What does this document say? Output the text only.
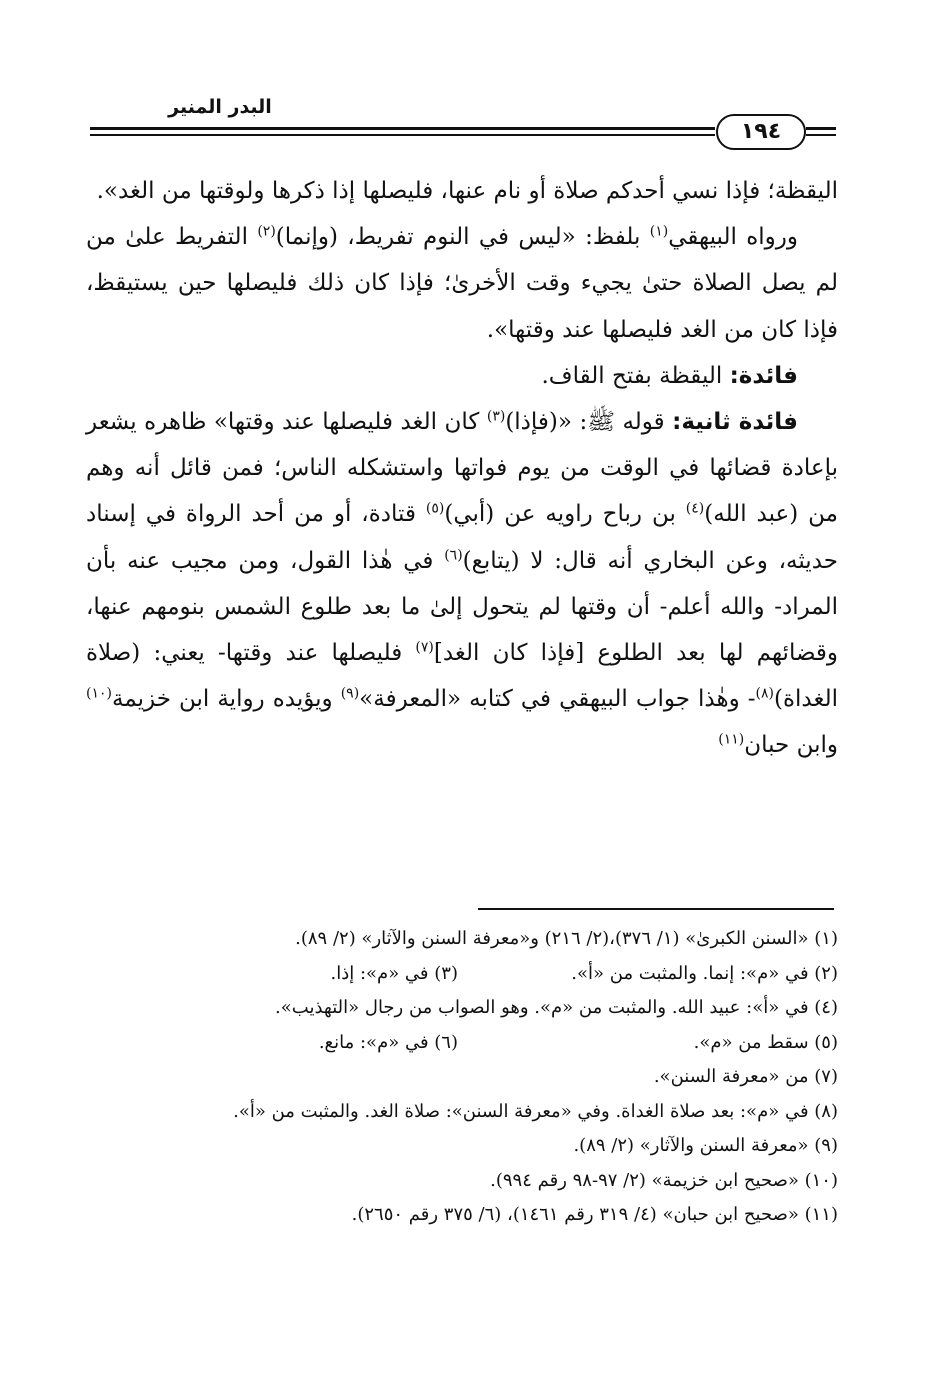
البدر المنير
١٩٤

اليقظة؛ فإذا نسي أحدكم صلاة أو نام عنها، فليصلها إذا ذكرها ولوقتها من الغد».

ورواه البيهقي$^{(١)}$ بلفظ: «ليس في النوم تفريط، (وإنما)$^{(٢)}$ التفريط علىٰ من لم يصل الصلاة حتىٰ يجيء وقت الأخرىٰ؛ فإذا كان ذلك فليصلها حين يستيقظ، فإذا كان من الغد فليصلها عند وقتها».

فائدة: اليقظة بفتح القاف.

فائدة ثانية: قوله ﷺ: «(فإذا)$^{(٣)}$ كان الغد فليصلها عند وقتها» ظاهره يشعر بإعادة قضائها في الوقت من يوم فواتها واستشكله الناس؛ فمن قائل أنه وهم من (عبد الله)$^{(٤)}$ بن رباح راويه عن (أبي)$^{(٥)}$ قتادة، أو من أحد الرواة في إسناد حديثه، وعن البخاري أنه قال: لا (يتابع)$^{(٦)}$ في هٰذا القول، ومن مجيب عنه بأن المراد- والله أعلم- أن وقتها لم يتحول إلىٰ ما بعد طلوع الشمس بنومهم عنها، وقضائهم لها بعد الطلوع [فإذا كان الغد]$^{(٧)}$ فليصلها عند وقتها- يعني: (صلاة الغداة)$^{(٨)}$- وهٰذا جواب البيهقي في كتابه «المعرفة»$^{(٩)}$ ويؤيده رواية ابن خزيمة$^{(١٠)}$ وابن حبان$^{(١١)}$

(١) «السنن الكبرىٰ» (١/ ٣٧٦)،(٢/ ٢١٦) و«معرفة السنن والآثار» (٢/ ٨٩).

(٢) في «م»: إنما. والمثبت من «أ».
(٣) في «م»: إذا.

(٤) في «أ»: عبيد الله. والمثبت من «م». وهو الصواب من رجال «التهذيب».

(٥) سقط من «م».
(٦) في «م»: مانع.

(٧) من «معرفة السنن».

(٨) في «م»: بعد صلاة الغداة. وفي «معرفة السنن»: صلاة الغد. والمثبت من «أ».

(٩) «معرفة السنن والآثار» (٢/ ٨٩).

(١٠) «صحيح ابن خزيمة» (٢/ ٩٧-٩٨ رقم ٩٩٤).

(١١) «صحيح ابن حبان» (٤/ ٣١٩ رقم ١٤٦١)، (٦/ ٣٧٥ رقم ٢٦٥٠).
